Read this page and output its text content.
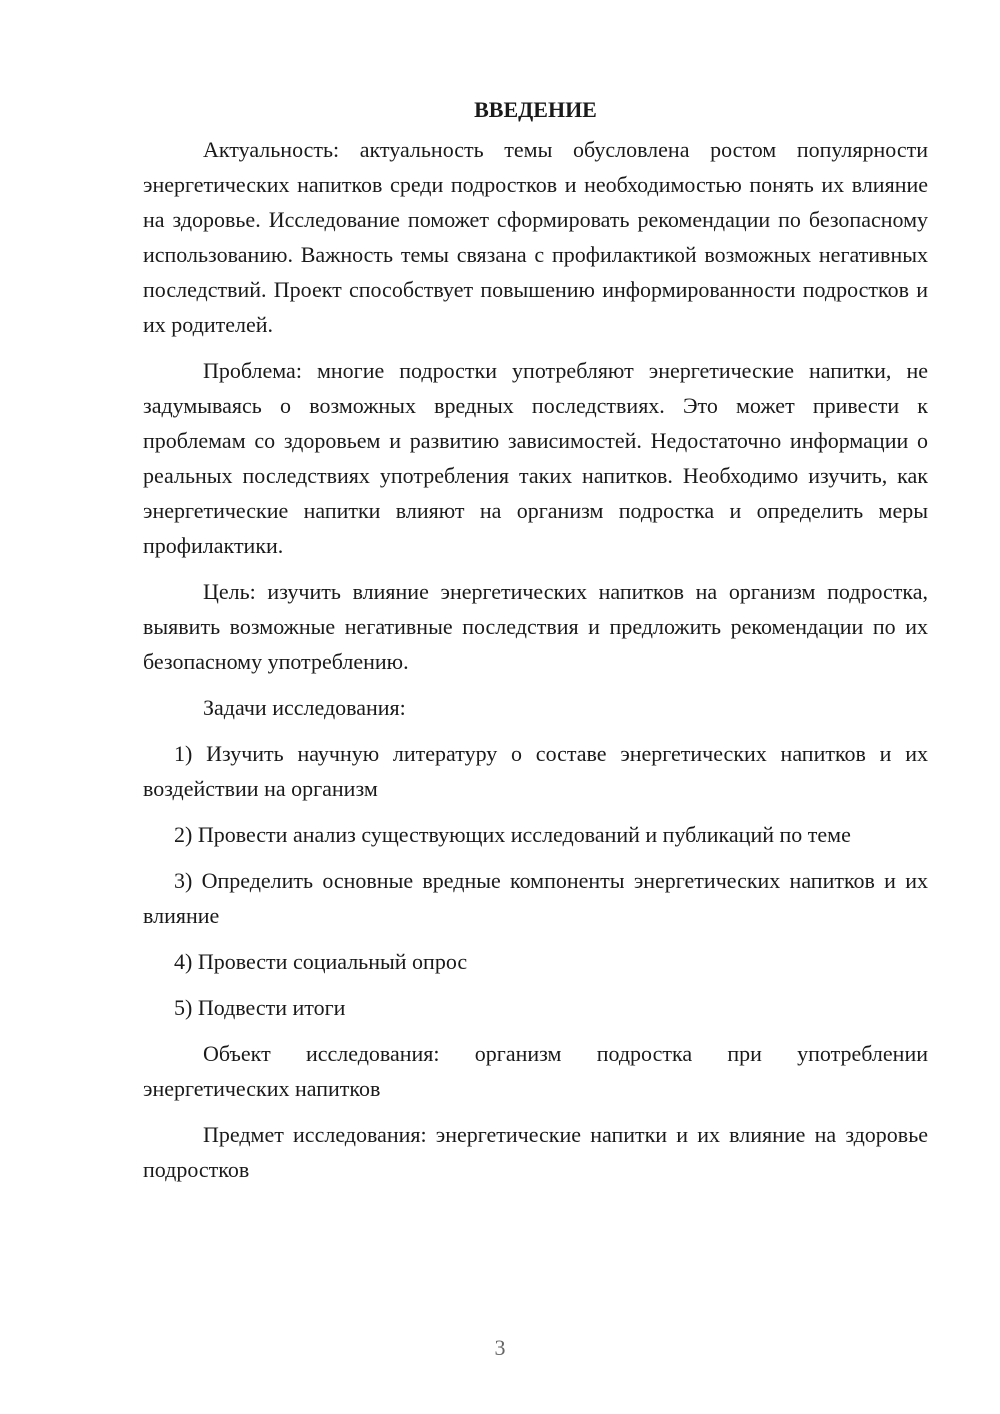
ВВЕДЕНИЕ

Актуальность: актуальность темы обусловлена ростом популярности энергетических напитков среди подростков и необходимостью понять их влияние на здоровье. Исследование поможет сформировать рекомендации по безопасному использованию. Важность темы связана с профилактикой возможных негативных последствий. Проект способствует повышению информированности подростков и их родителей.

Проблема: многие подростки употребляют энергетические напитки, не задумываясь о возможных вредных последствиях. Это может привести к проблемам со здоровьем и развитию зависимостей. Недостаточно информации о реальных последствиях употребления таких напитков. Необходимо изучить, как энергетические напитки влияют на организм подростка и определить меры профилактики.

Цель: изучить влияние энергетических напитков на организм подростка, выявить возможные негативные последствия и предложить рекомендации по их безопасному употреблению.

Задачи исследования:

1) Изучить научную литературу о составе энергетических напитков и их воздействии на организм
2) Провести анализ существующих исследований и публикаций по теме
3) Определить основные вредные компоненты энергетических напитков и их влияние
4) Провести социальный опрос
5) Подвести итоги

Объект исследования: организм подростка при употреблении энергетических напитков

Предмет исследования: энергетические напитки и их влияние на здоровье подростков

3
